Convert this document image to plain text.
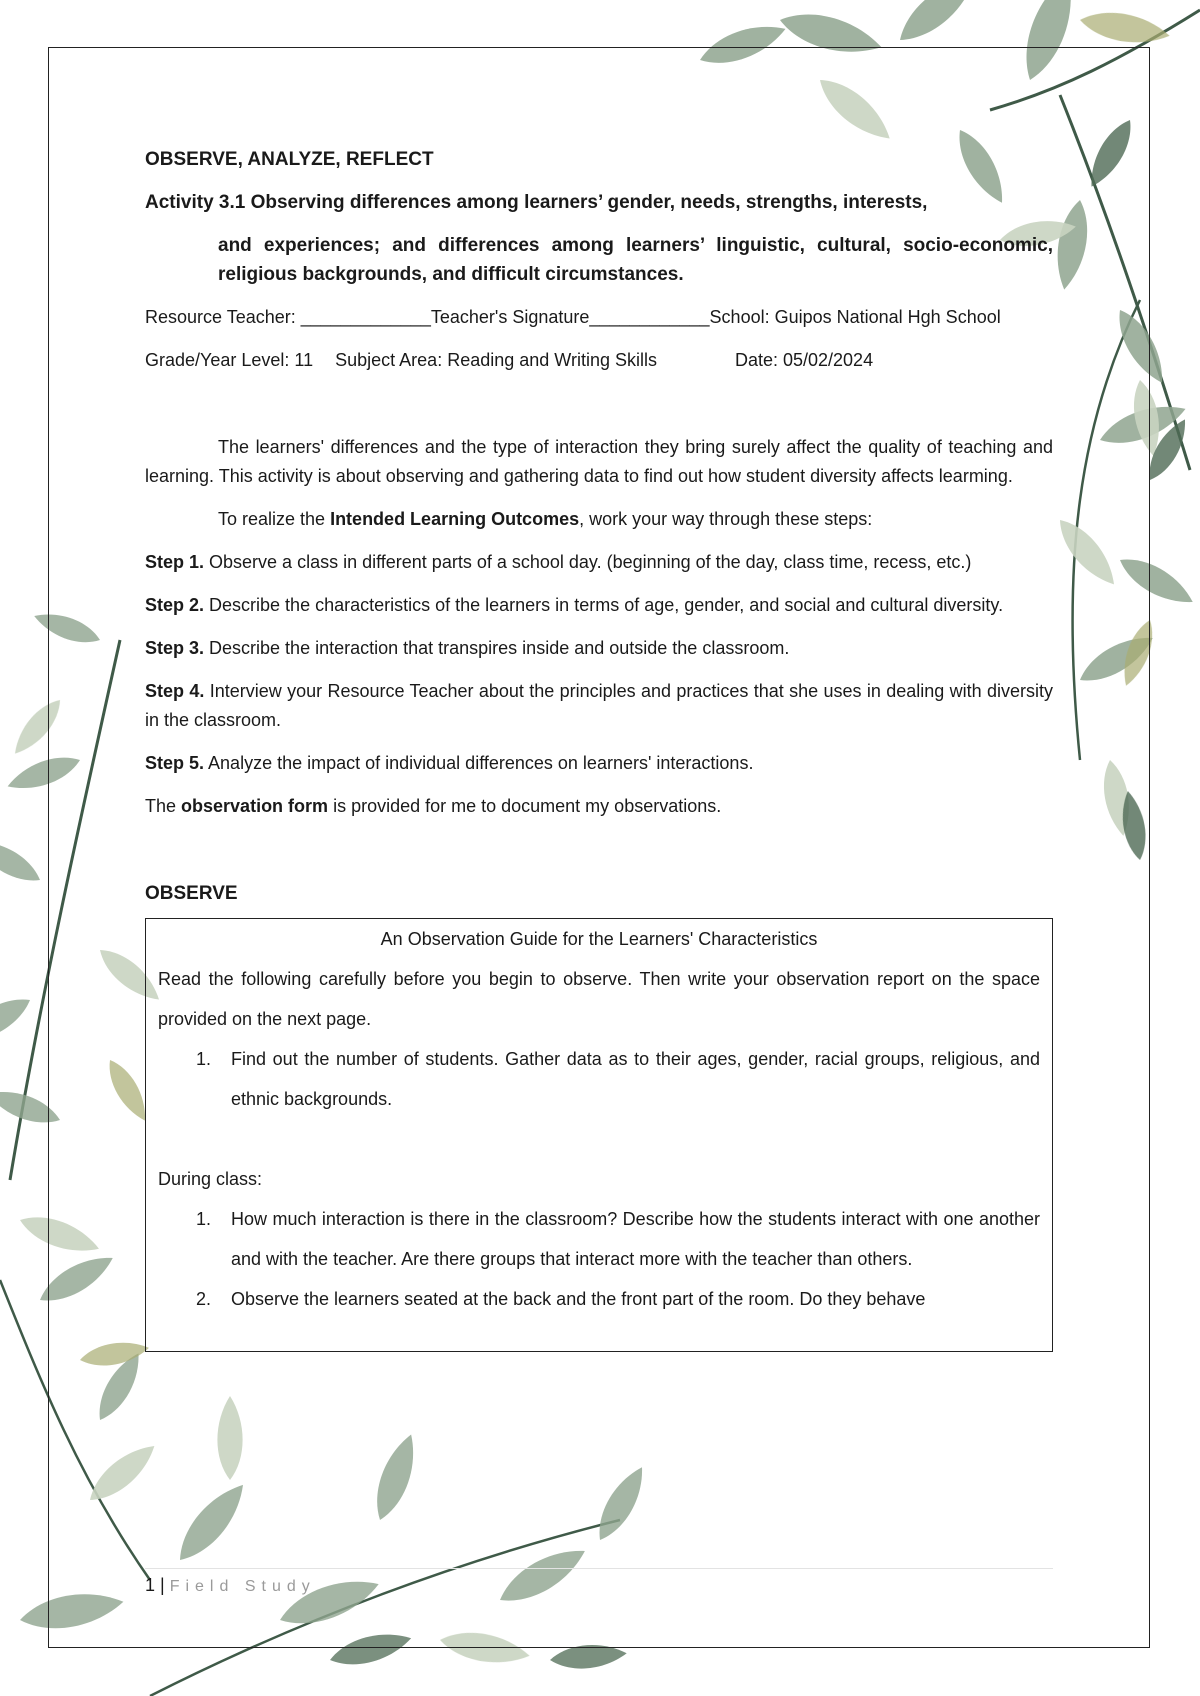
OBSERVE, ANALYZE, REFLECT

Activity 3.1 Observing differences among learners’ gender, needs, strengths, interests,

and experiences; and differences among learners’ linguistic, cultural, socio-economic, religious backgrounds, and difficult circumstances.

Resource Teacher: _____________Teacher's Signature____________School: Guipos National Hgh School

Grade/Year Level: 11 Subject Area: Reading and Writing Skills	Date: 05/02/2024

The learners' differences and the type of interaction they bring surely affect the quality of teaching and learning. This activity is about observing and gathering data to find out how student diversity affects learming.

To realize the Intended Learning Outcomes, work your way through these steps:

Step 1. Observe a class in different parts of a school day. (beginning of the day, class time, recess, etc.)

Step 2. Describe the characteristics of the learners in terms of age, gender, and social and cultural diversity.

Step 3. Describe the interaction that transpires inside and outside the classroom.

Step 4. Interview your Resource Teacher about the principles and practices that she uses in dealing with diversity in the classroom.

Step 5. Analyze the impact of individual differences on learners' interactions.

The observation form is provided for me to document my observations.

OBSERVE

An Observation Guide for the Learners' Characteristics

Read the following carefully before you begin to observe. Then write your observation report on the space provided on the next page.

1. Find out the number of students. Gather data as to their ages, gender, racial groups, religious, and ethnic backgrounds.

During class:

1. How much interaction is there in the classroom? Describe how the students interact with one another and with the teacher. Are there groups that interact more with the teacher than others.
2. Observe the learners seated at the back and the front part of the room. Do they behave
1 | Field Study
